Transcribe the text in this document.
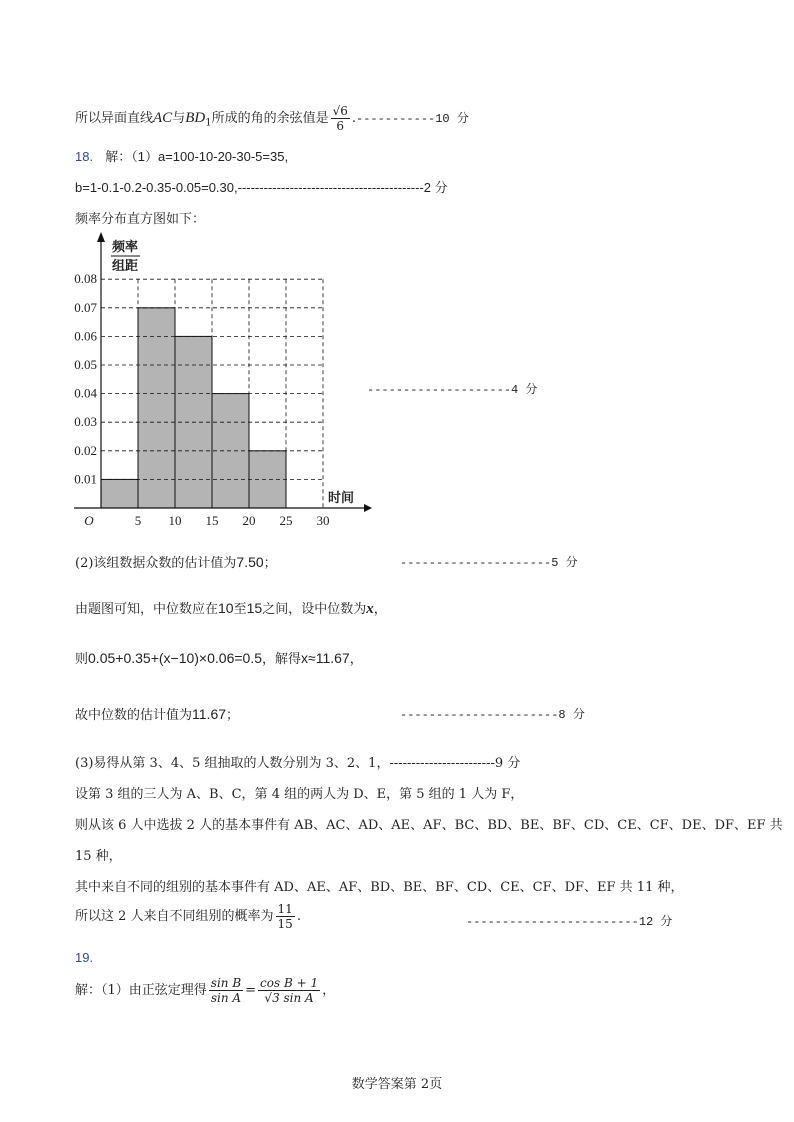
所以异面直线AC与$BD_1$所成的角的余弦值是 $\frac{√6}{6} .-----------10$ 分
18. 解：（1）a=100-10-20-30-5=35,
b=1-0.1-0.2-0.35-0.05=0.30,-------------------------------------------2 分
频率分布直方图如下：
频率
组距
时间
0.01
0.02
0.03
0.04
0.05
0.06
0.07
0.08
5 10 15 20 25 30
O
--------------------4 分
(2)该组数据众数的估计值为7.50；	---------------------5 分
由题图可知，中位数应在10至15之间，设中位数为x，
则0.05+0.35+(x−10)×0.06=0.5，解得x≈11.67，
故中位数的估计值为11.67；	----------------------8 分
(3)易得从第 3、4、5 组抽取的人数分别为 3、2、1，------------------------9 分
设第 3 组的三人为 A、B、C，第 4 组的两人为 D、E，第 5 组的 1 人为 F，
则从该 6 人中选拔 2 人的基本事件有 AB、AC、AD、AE、AF、BC、BD、BE、BF、CD、CE、CF、DE、DF、EF 共
15 种，
其中来自不同的组别的基本事件有 AD、AE、AF、BD、BE、BF、CD、CE、CF、DF、EF 共 11 种，
所以这 2 人来自不同组别的概率为 $\frac{11}{15}$ .	------------------------12 分
19.
解：（1）由正弦定理得 $\frac{\text{sin B}}{\text{sin A}} = \frac{\text{cos B + 1}}{\text{√3 sin A}}$ ，
数学答案第 2页
